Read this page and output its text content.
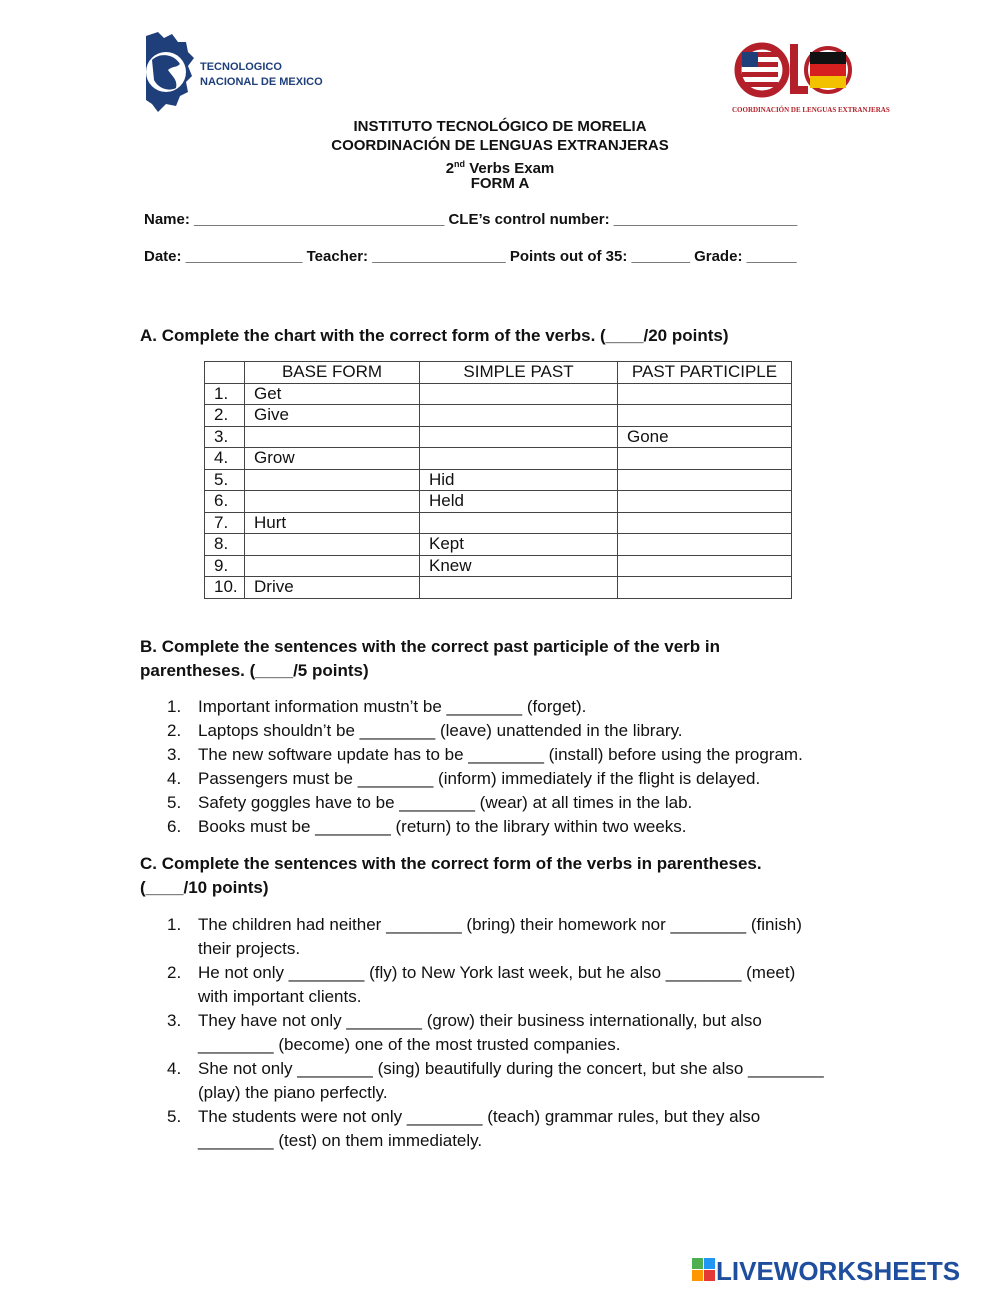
TECNOLOGICO
NACIONAL DE MEXICO
COORDINACIÓN DE LENGUAS EXTRANJERAS
INSTITUTO TECNOLÓGICO DE MORELIA
COORDINACIÓN DE LENGUAS EXTRANJERAS
2nd Verbs Exam
FORM A
Name: ______________________________ CLE’s control number: ______________________
Date: ______________ Teacher: ________________ Points out of 35: _______ Grade: ______
A. Complete the chart with the correct form of the verbs. (____/20 points)
	BASE FORM	SIMPLE PAST	PAST PARTICIPLE
1.	Get		
2.	Give		
3.			Gone
4.	Grow		
5.		Hid	
6.		Held	
7.	Hurt		
8.		Kept	
9.		Knew	
10.	Drive		
B. Complete the sentences with the correct past participle of the verb in
parentheses. (____/5 points)
1. Important information mustn’t be ________ (forget).
2. Laptops shouldn’t be ________ (leave) unattended in the library.
3. The new software update has to be ________ (install) before using the program.
4. Passengers must be ________ (inform) immediately if the flight is delayed.
5. Safety goggles have to be ________ (wear) at all times in the lab.
6. Books must be ________ (return) to the library within two weeks.
C. Complete the sentences with the correct form of the verbs in parentheses.
(____/10 points)
1. The children had neither ________ (bring) their homework nor ________ (finish)
their projects.
2. He not only ________ (fly) to New York last week, but he also ________ (meet)
with important clients.
3. They have not only ________ (grow) their business internationally, but also
________ (become) one of the most trusted companies.
4. She not only ________ (sing) beautifully during the concert, but she also ________
(play) the piano perfectly.
5. The students were not only ________ (teach) grammar rules, but they also
________ (test) on them immediately.
LIVEWORKSHEETS
